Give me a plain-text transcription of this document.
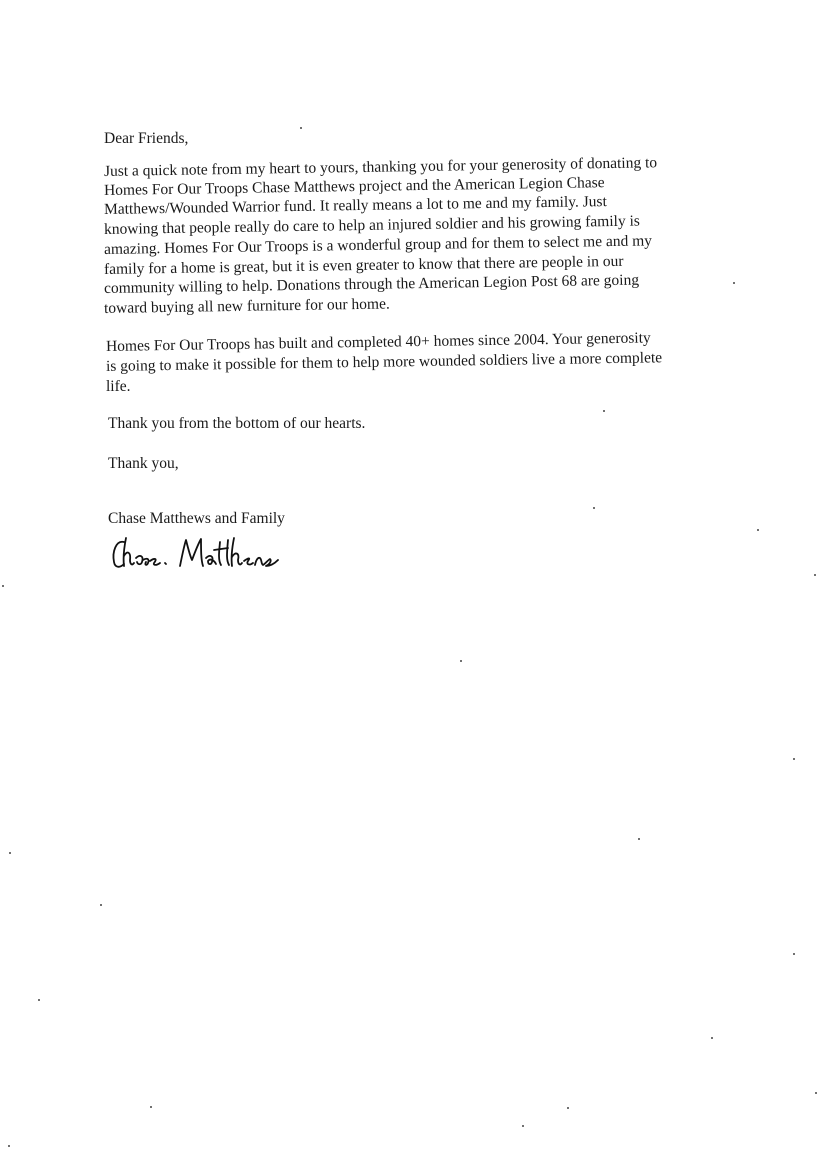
Dear Friends,
Just a quick note from my heart to yours, thanking you for your generosity of donating to
Homes For Our Troops Chase Matthews project and the American Legion Chase
Matthews/Wounded Warrior fund. It really means a lot to me and my family. Just
knowing that people really do care to help an injured soldier and his growing family is
amazing. Homes For Our Troops is a wonderful group and for them to select me and my
family for a home is great, but it is even greater to know that there are people in our
community willing to help. Donations through the American Legion Post 68 are going
toward buying all new furniture for our home.
Homes For Our Troops has built and completed 40+ homes since 2004. Your generosity
is going to make it possible for them to help more wounded soldiers live a more complete
life.
Thank you from the bottom of our hearts.
Thank you,
Chase Matthews and Family
